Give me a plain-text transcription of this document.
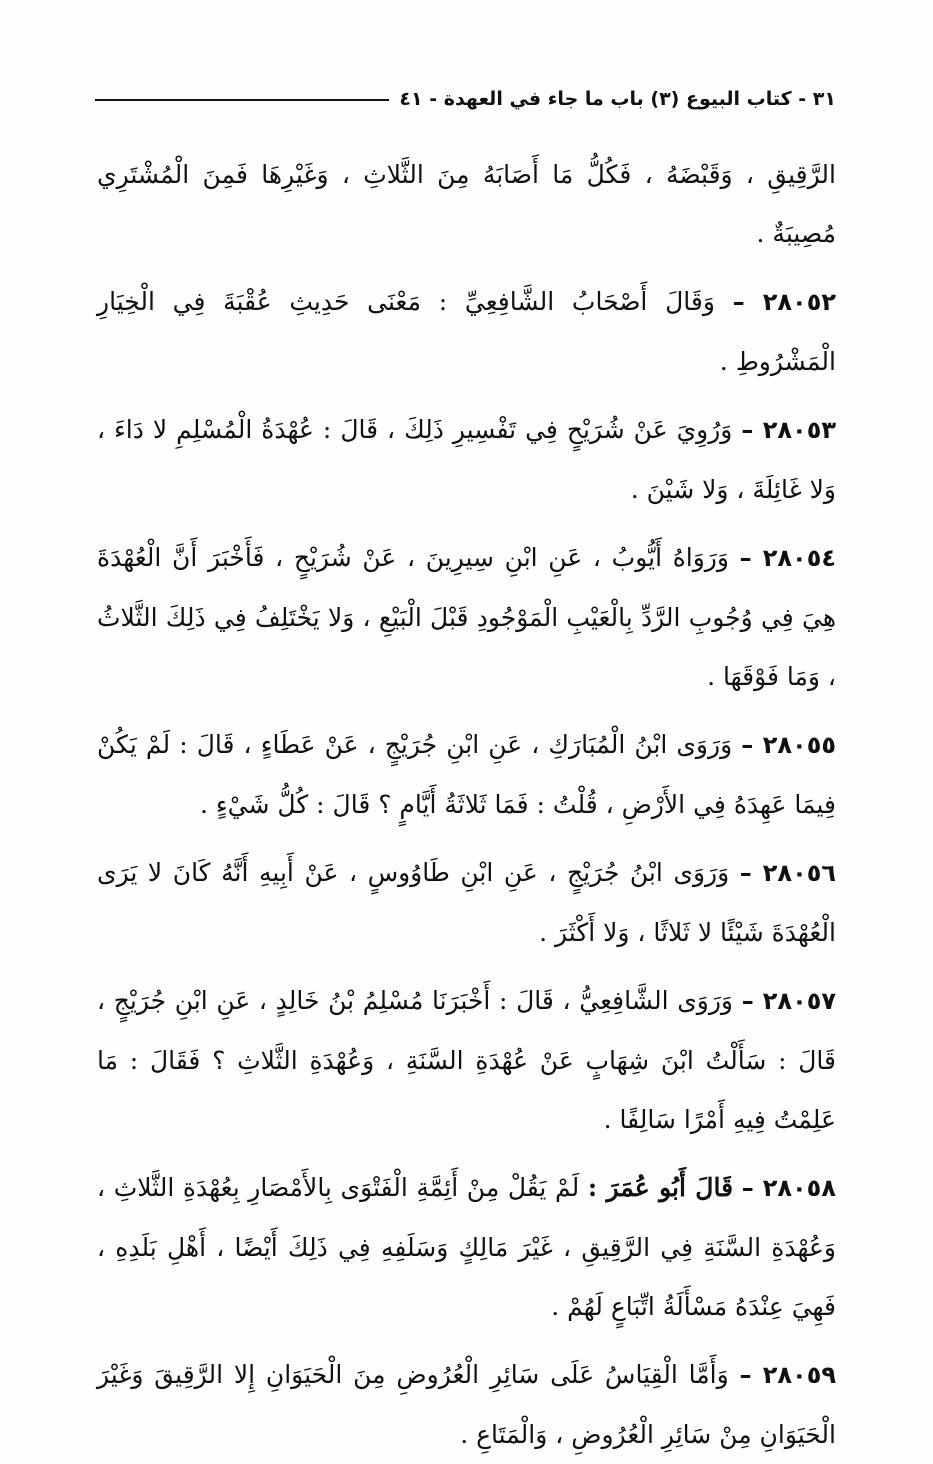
٣١ - كتاب البيوع (٣) باب ما جاء في العهدة - ٤١

الرَّقِيقِ ، وَقَبْضَهُ ، فَكُلُّ مَا أَصَابَهُ مِنَ الثَّلاثِ ، وَغَيْرِهَا فَمِنَ الْمُشْتَرِي مُصِيبَةٌ .

٢٨٠٥٢ – وَقَالَ أَصْحَابُ الشَّافِعِيِّ : مَعْنَى حَدِيثِ عُقْبَةَ فِي الْخِيَارِ الْمَشْرُوطِ .

٢٨٠٥٣ – وَرُوِيَ عَنْ شُرَيْحٍ فِي تَفْسِيرِ ذَلِكَ ، قَالَ : عُهْدَةُ الْمُسْلِمِ لا دَاءَ ، وَلا غَائِلَةَ ، وَلا شَيْنَ .

٢٨٠٥٤ – وَرَوَاهُ أَيُّوبُ ، عَنِ ابْنِ سِيرِينَ ، عَنْ شُرَيْحٍ ، فَأَخْبَرَ أَنَّ الْعُهْدَةَ هِيَ فِي وُجُوبِ الرَّدِّ بِالْعَيْبِ الْمَوْجُودِ قَبْلَ الْبَيْعِ ، وَلا يَخْتَلِفُ فِي ذَلِكَ الثَّلاثُ ، وَمَا فَوْقَهَا .

٢٨٠٥٥ – وَرَوَى ابْنُ الْمُبَارَكِ ، عَنِ ابْنِ جُرَيْجٍ ، عَنْ عَطَاءٍ ، قَالَ : لَمْ يَكُنْ فِيمَا عَهِدَهُ فِي الأَرْضِ ، قُلْتُ : فَمَا ثَلاثَةُ أَيَّامٍ ؟ قَالَ : كُلُّ شَيْءٍ .

٢٨٠٥٦ – وَرَوَى ابْنُ جُرَيْجٍ ، عَنِ ابْنِ طَاوُوسٍ ، عَنْ أَبِيهِ أَنَّهُ كَانَ لا يَرَى الْعُهْدَةَ شَيْئًا لا ثَلاثًا ، وَلا أَكْثَرَ .

٢٨٠٥٧ – وَرَوَى الشَّافِعِيُّ ، قَالَ : أَخْبَرَنَا مُسْلِمُ بْنُ خَالِدٍ ، عَنِ ابْنِ جُرَيْجٍ ، قَالَ : سَأَلْتُ ابْنَ شِهَابٍ عَنْ عُهْدَةِ السَّنَةِ ، وَعُهْدَةِ الثَّلاثِ ؟ فَقَالَ : مَا عَلِمْتُ فِيهِ أَمْرًا سَالِفًا .

٢٨٠٥٨ – قَالَ أَبُو عُمَرَ : لَمْ يَقُلْ مِنْ أَئِمَّةِ الْفَتْوَى بِالأَمْصَارِ بِعُهْدَةِ الثَّلاثِ ، وَعُهْدَةِ السَّنَةِ فِي الرَّقِيقِ ، غَيْرَ مَالِكٍ وَسَلَفِهِ فِي ذَلِكَ أَيْضًا ، أَهْلِ بَلَدِهِ ، فَهِيَ عِنْدَهُ مَسْأَلَةُ اتِّبَاعٍ لَهُمْ .

٢٨٠٥٩ – وَأَمَّا الْقِيَاسُ عَلَى سَائِرِ الْعُرُوضِ مِنَ الْحَيَوَانِ إِلا الرَّقِيقَ وَغَيْرَ الْحَيَوَانِ مِنْ سَائِرِ الْعُرُوضِ ، وَالْمَتَاعِ .
